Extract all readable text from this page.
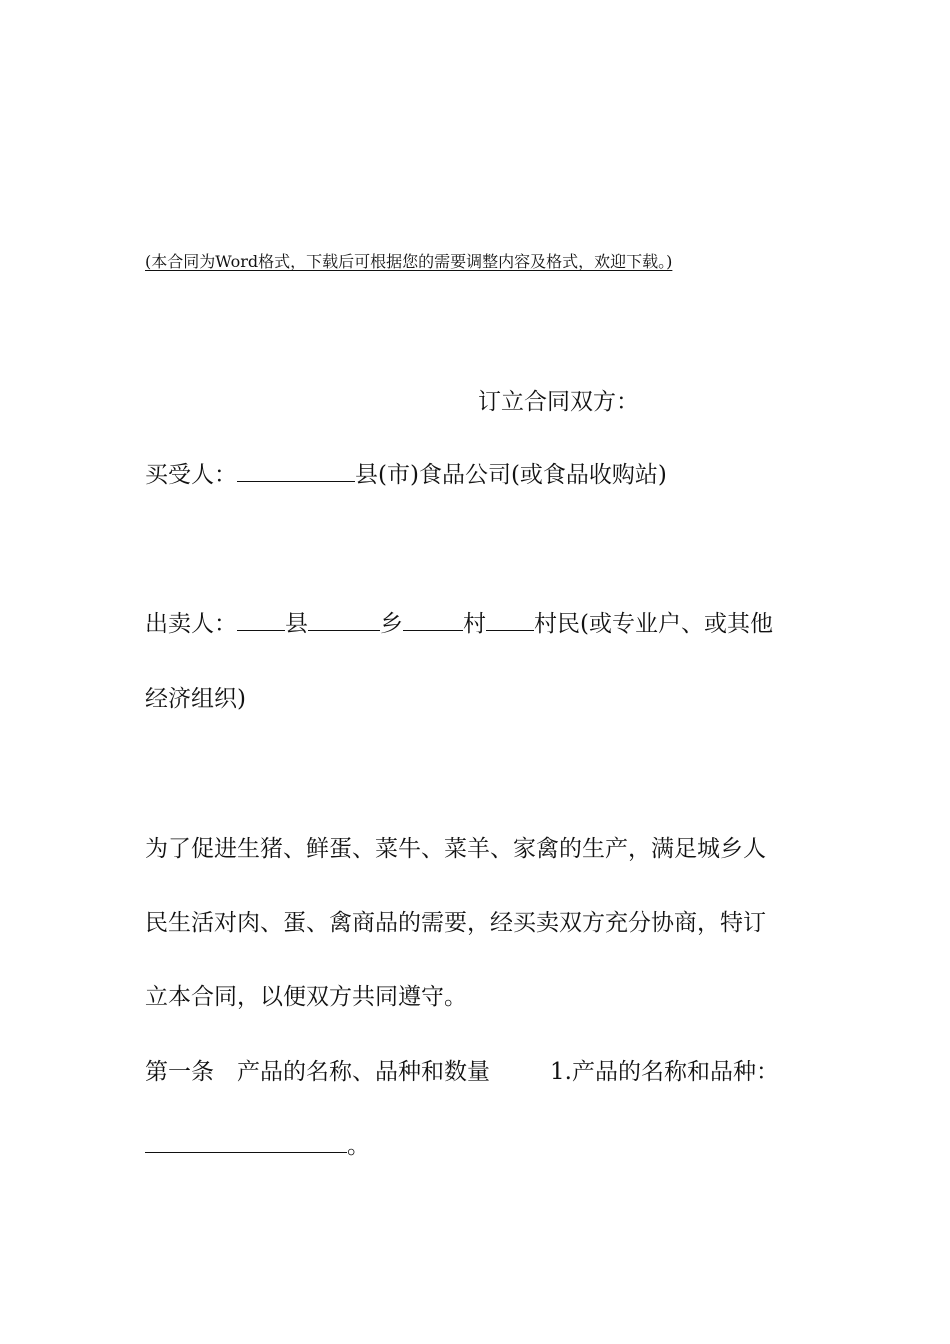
(本合同为Word格式，下载后可根据您的需要调整内容及格式，欢迎下载。)
订立合同双方：
买受人：	县(市)食品公司(或食品收购站)
出卖人： 县	乡	村 村民(或专业户、或其他
经济组织)
为了促进生猪、鲜蛋、菜牛、菜羊、家禽的生产，满足城乡人
民生活对肉、蛋、禽商品的需要，经买卖双方充分协商，特订
立本合同，以便双方共同遵守。
第一条　产品的名称、品种和数量	1.产品的名称和品种：
。
